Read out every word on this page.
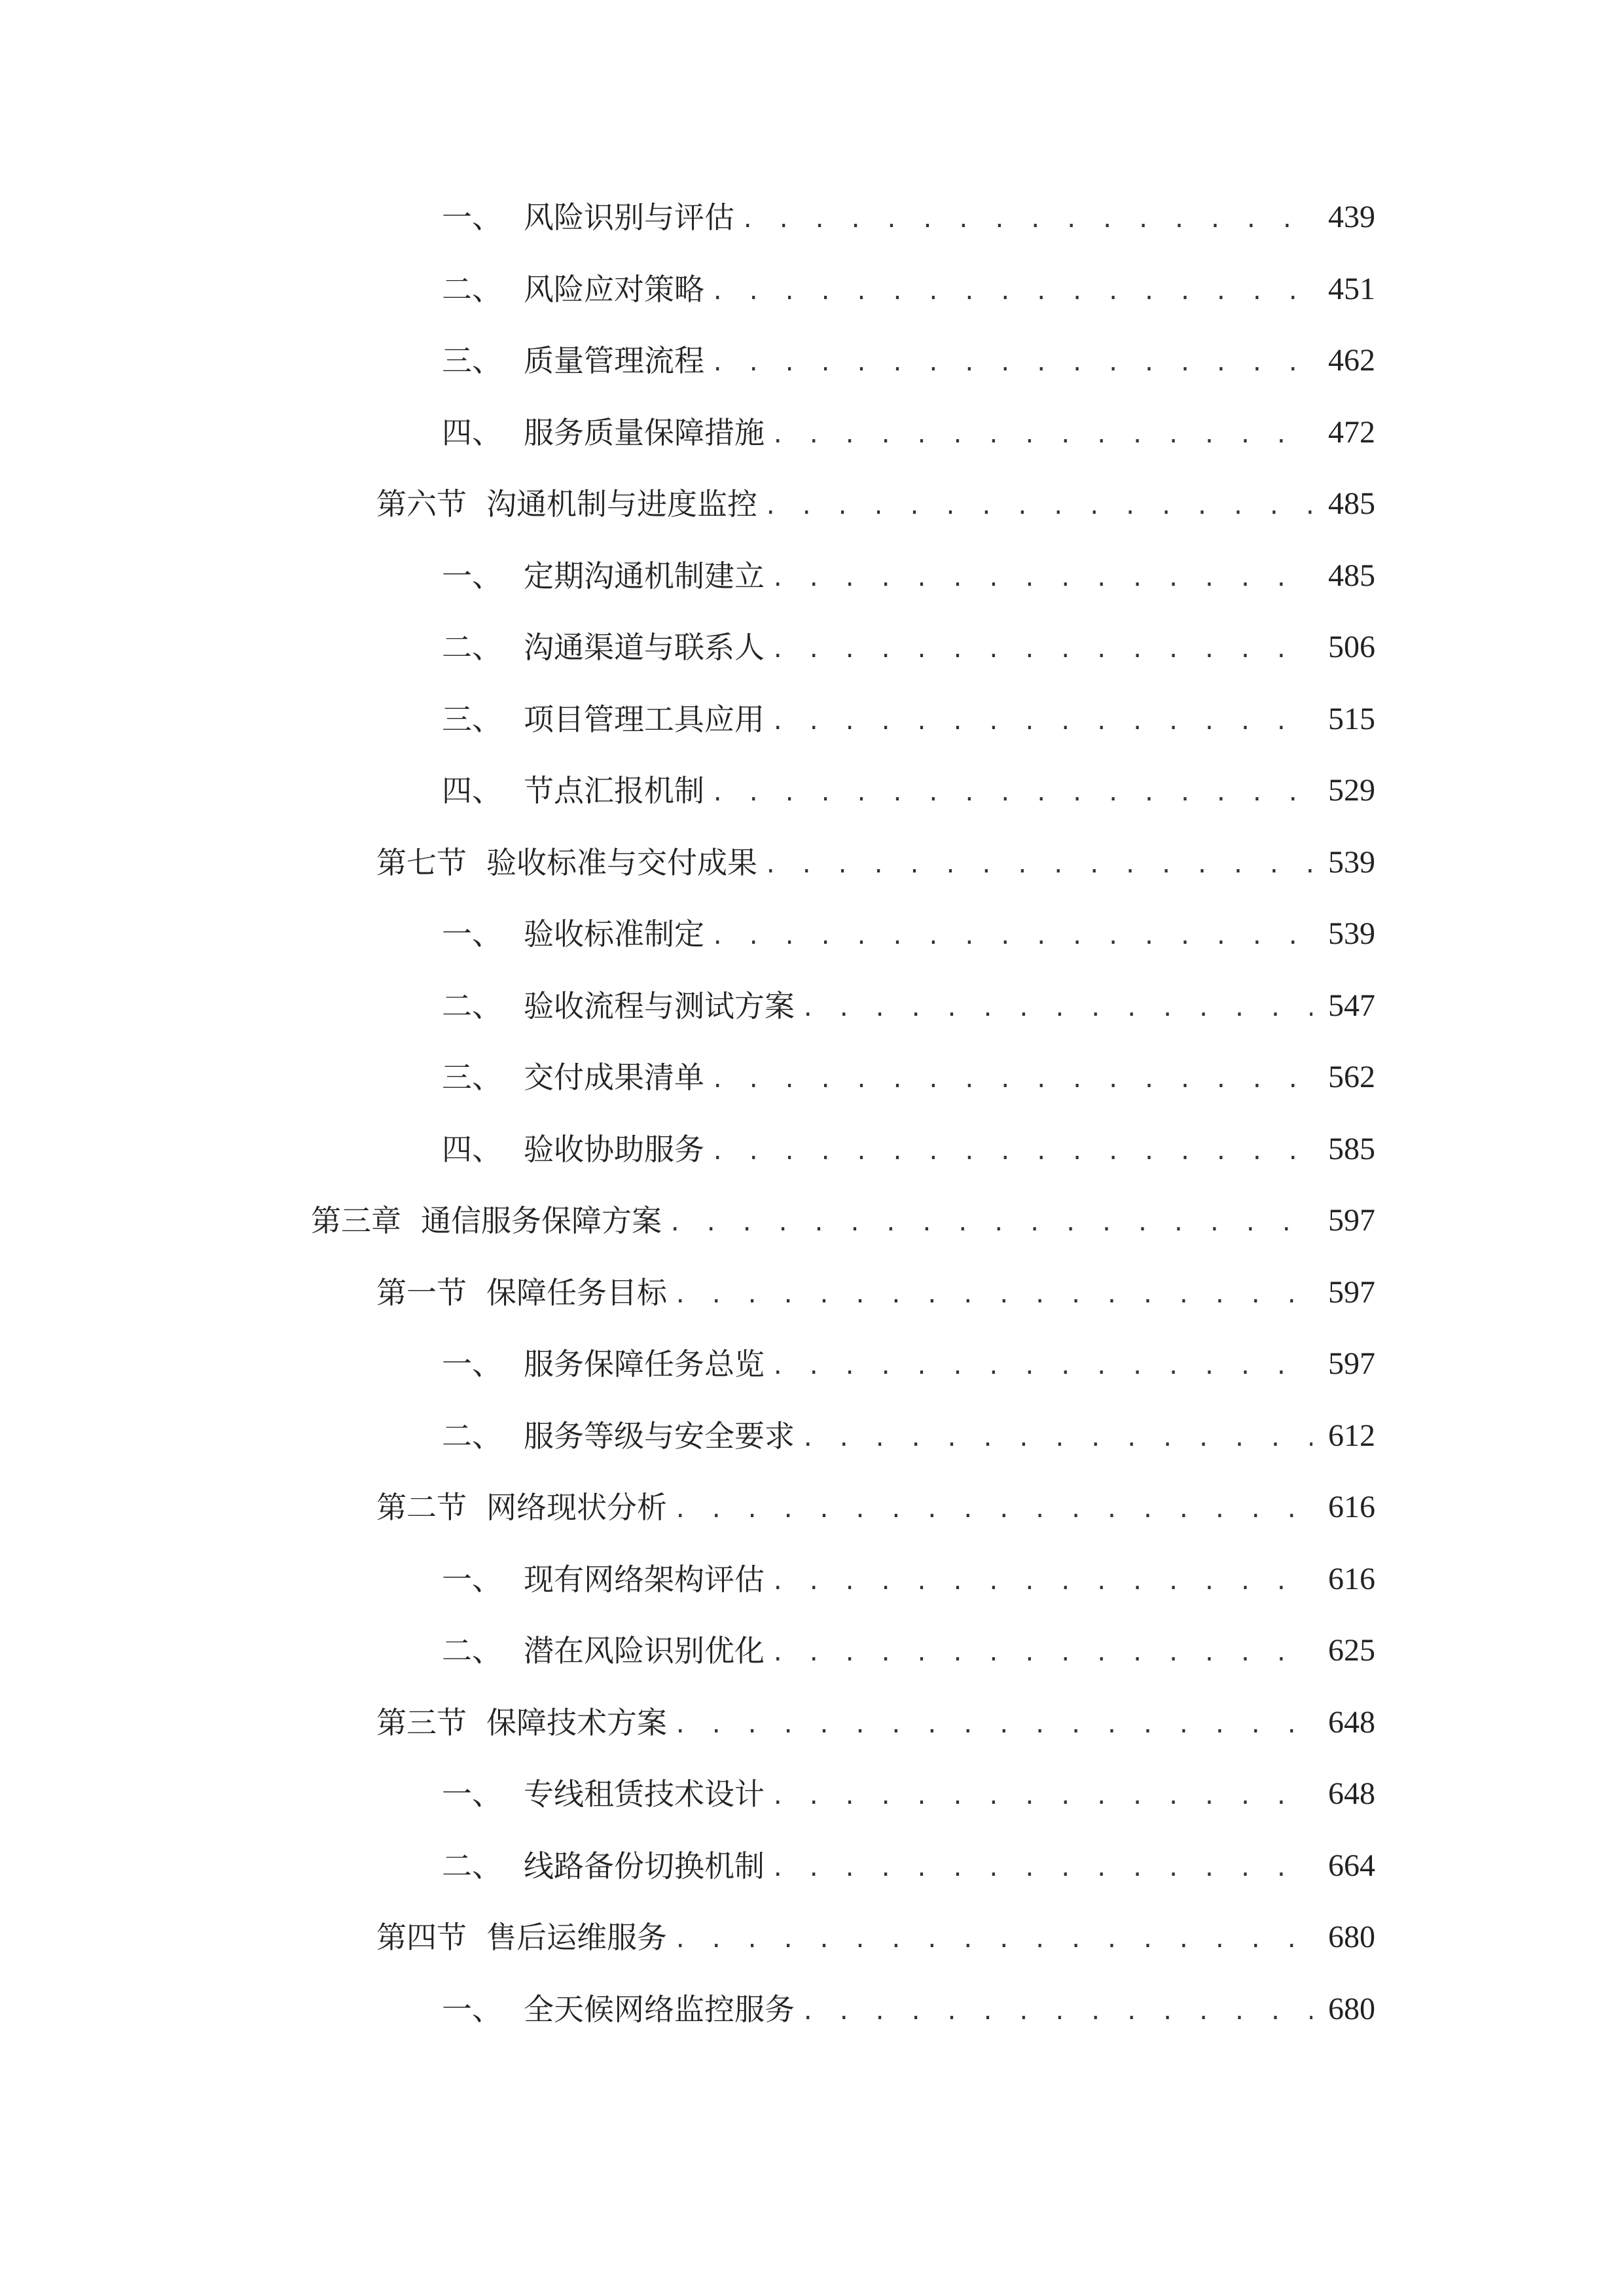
一、 风险识别与评估 . . .	439
二、 风险应对策略 . . .	451
三、 质量管理流程 . . .	462
四、 服务质量保障措施 . . .	472
第六节 沟通机制与进度监控 . . .	485
一、 定期沟通机制建立 . . .	485
二、 沟通渠道与联系人 . . .	506
三、 项目管理工具应用 . . .	515
四、 节点汇报机制 . . .	529
第七节 验收标准与交付成果 . . .	539
一、 验收标准制定 . . .	539
二、 验收流程与测试方案 . . .	547
三、 交付成果清单 . . .	562
四、 验收协助服务 . . .	585
第三章 通信服务保障方案 . . .	597
第一节 保障任务目标 . . .	597
一、 服务保障任务总览 . . .	597
二、 服务等级与安全要求 . . .	612
第二节 网络现状分析 . . .	616
一、 现有网络架构评估 . . .	616
二、 潜在风险识别优化 . . .	625
第三节 保障技术方案 . . .	648
一、 专线租赁技术设计 . . .	648
二、 线路备份切换机制 . . .	664
第四节 售后运维服务 . . .	680
一、 全天候网络监控服务 . . .	680
